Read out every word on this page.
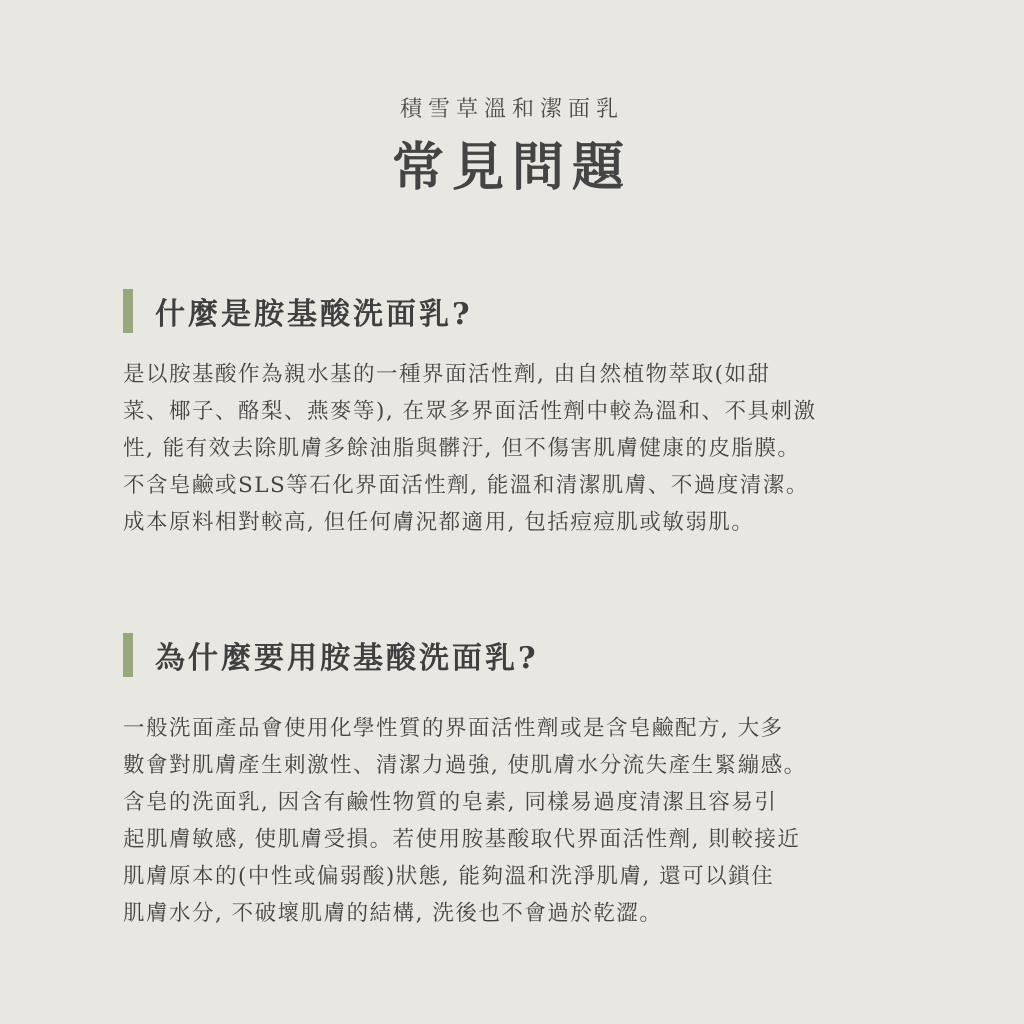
積雪草溫和潔面乳

常見問題
什麼是胺基酸洗面乳?

是以胺基酸作為親水基的一種界面活性劑, 由自然植物萃取(如甜
菜、椰子、酪梨、燕麥等), 在眾多界面活性劑中較為溫和、不具刺激
性, 能有效去除肌膚多餘油脂與髒汙, 但不傷害肌膚健康的皮脂膜。
不含皂鹼或SLS等石化界面活性劑, 能溫和清潔肌膚、不過度清潔。
成本原料相對較高, 但任何膚況都適用, 包括痘痘肌或敏弱肌。

為什麼要用胺基酸洗面乳?

一般洗面產品會使用化學性質的界面活性劑或是含皂鹼配方, 大多
數會對肌膚產生刺激性、清潔力過強, 使肌膚水分流失產生緊繃感。
含皂的洗面乳, 因含有鹼性物質的皂素, 同樣易過度清潔且容易引
起肌膚敏感, 使肌膚受損。若使用胺基酸取代界面活性劑, 則較接近
肌膚原本的(中性或偏弱酸)狀態, 能夠溫和洗淨肌膚, 還可以鎖住
肌膚水分, 不破壞肌膚的結構, 洗後也不會過於乾澀。
